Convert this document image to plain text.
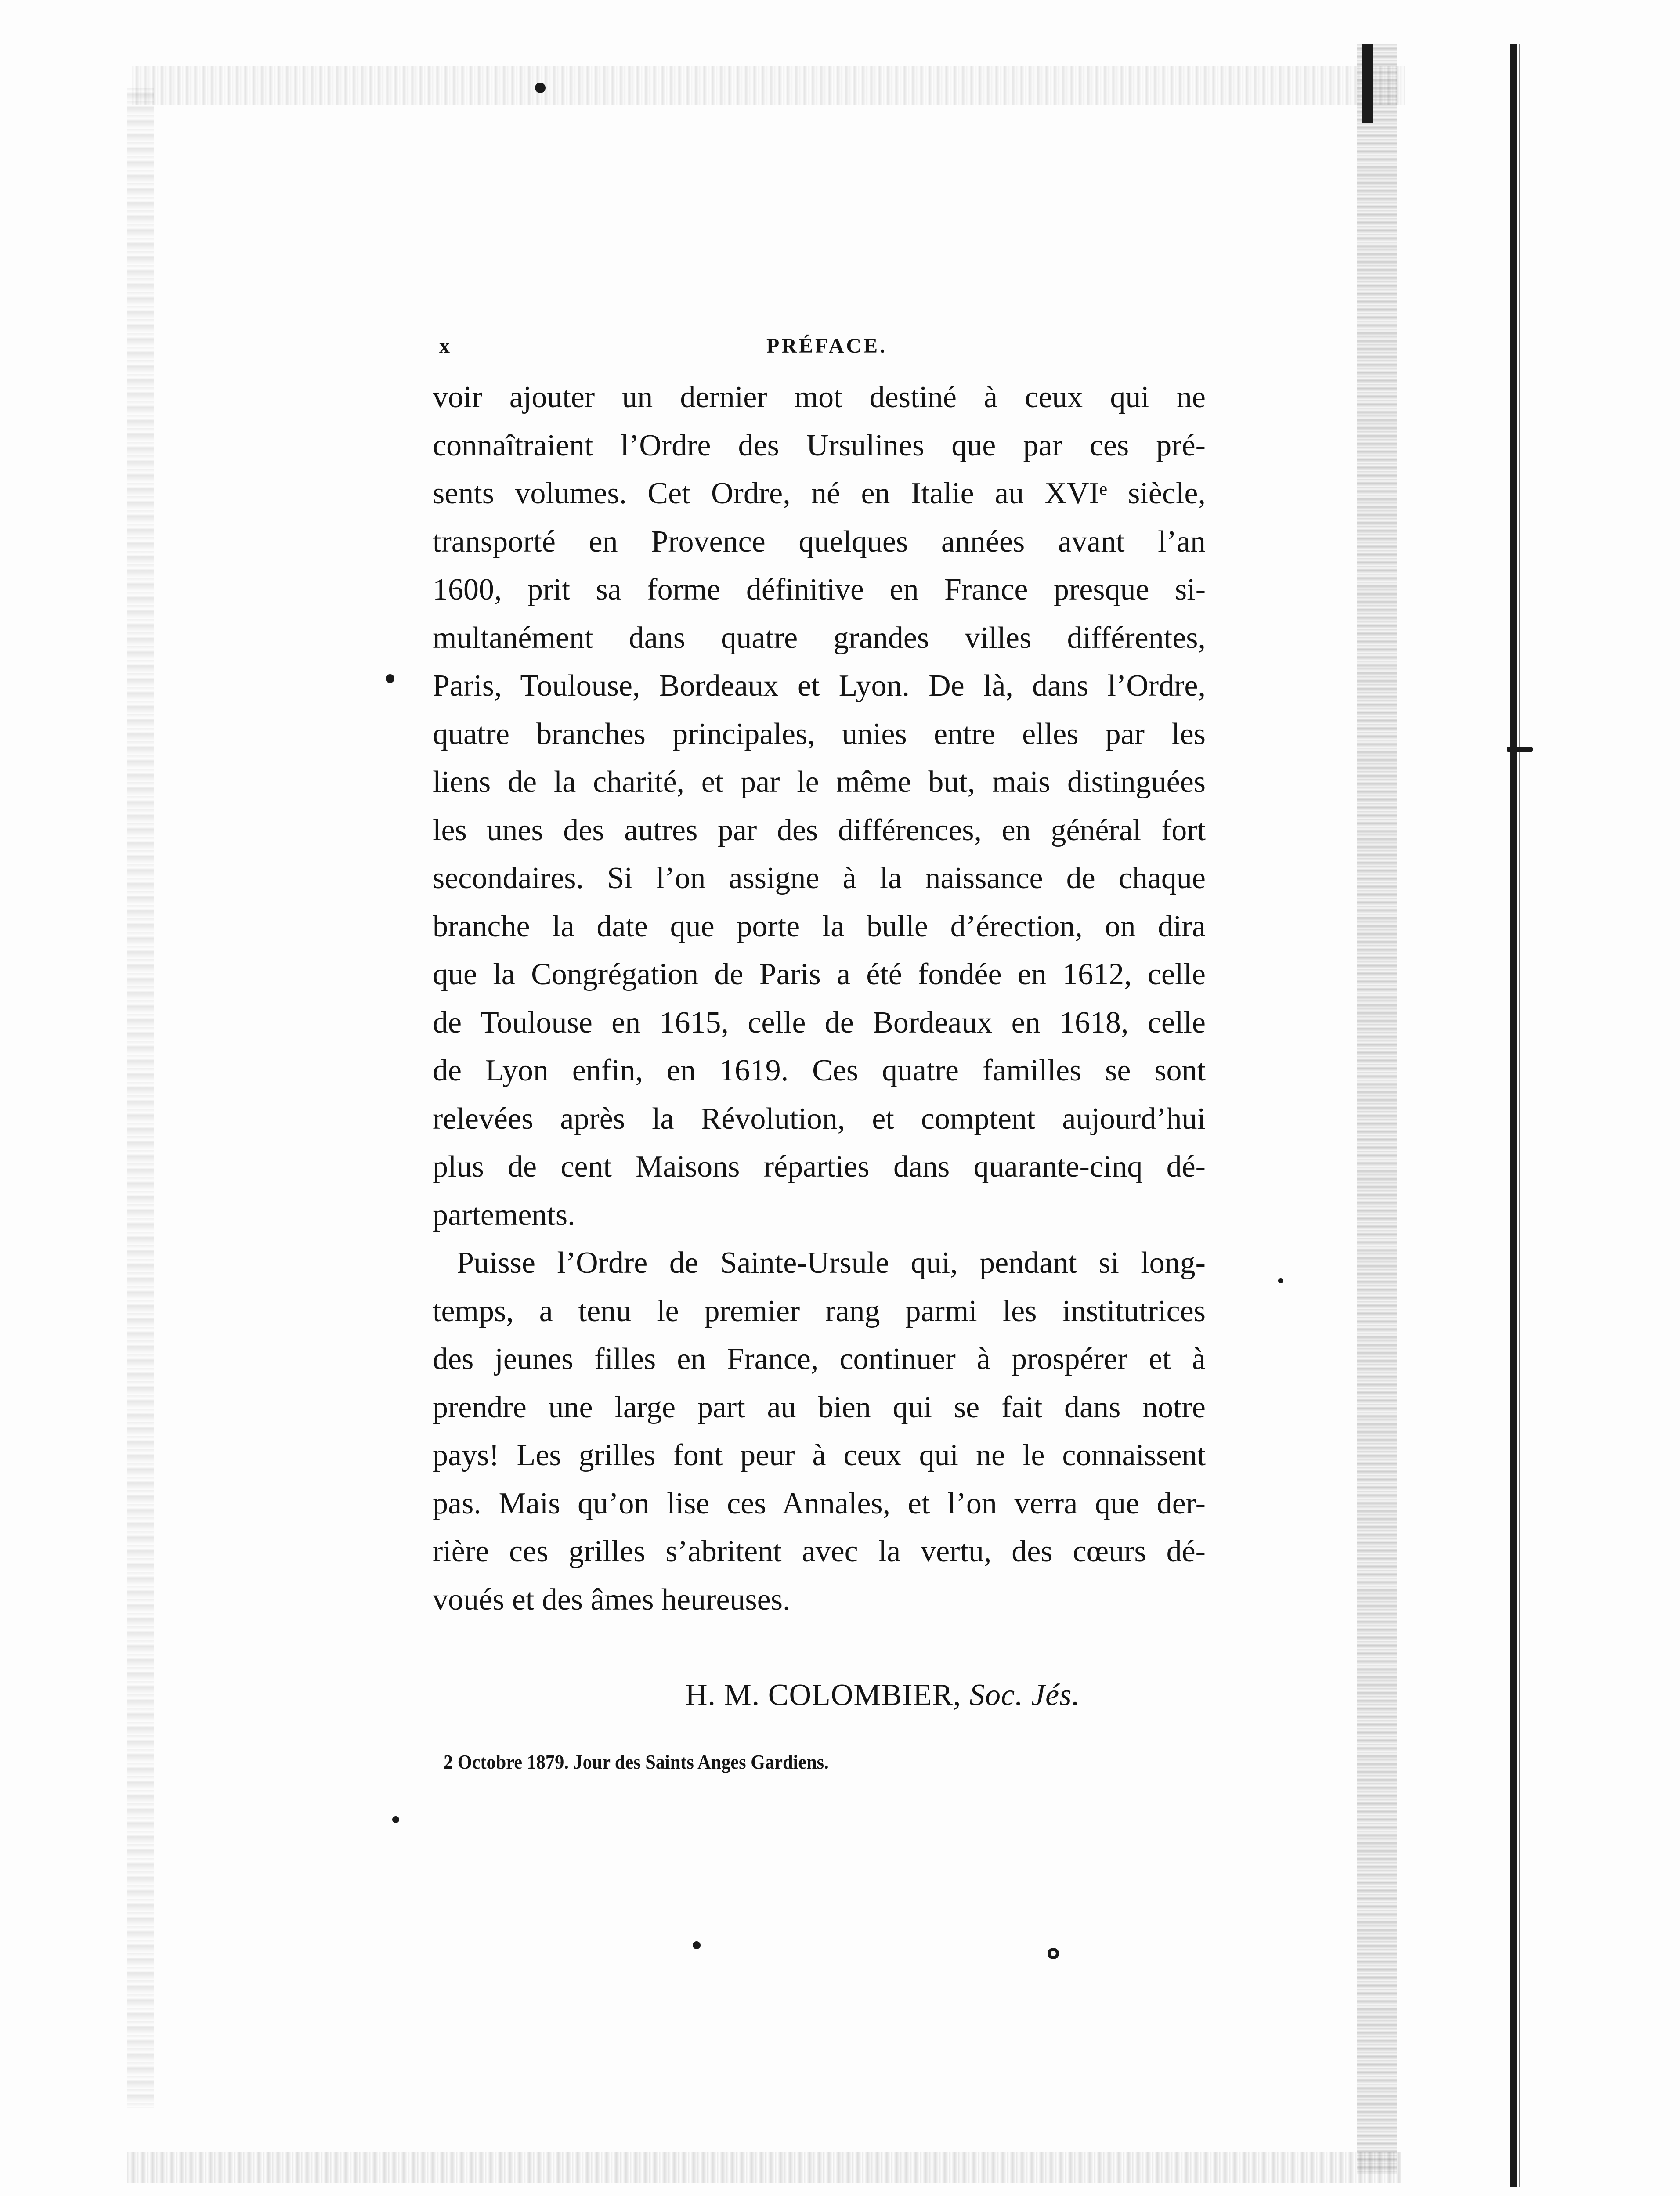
x	PRÉFACE.
voir ajouter un dernier mot destiné à ceux qui ne
connaîtraient l’Ordre des Ursulines que par ces pré-
sents volumes. Cet Ordre, né en Italie au XVIᵉ siècle,
transporté en Provence quelques années avant l’an
1600, prit sa forme définitive en France presque si-
multanément dans quatre grandes villes différentes,
Paris, Toulouse, Bordeaux et Lyon. De là, dans l’Ordre,
quatre branches principales, unies entre elles par les
liens de la charité, et par le même but, mais distinguées
les unes des autres par des différences, en général fort
secondaires. Si l’on assigne à la naissance de chaque
branche la date que porte la bulle d’érection, on dira
que la Congrégation de Paris a été fondée en 1612, celle
de Toulouse en 1615, celle de Bordeaux en 1618, celle
de Lyon enfin, en 1619. Ces quatre familles se sont
relevées après la Révolution, et comptent aujourd’hui
plus de cent Maisons réparties dans quarante-cinq dé-
partements.
Puisse l’Ordre de Sainte-Ursule qui, pendant si long-
temps, a tenu le premier rang parmi les institutrices
des jeunes filles en France, continuer à prospérer et à
prendre une large part au bien qui se fait dans notre
pays! Les grilles font peur à ceux qui ne le connaissent
pas. Mais qu’on lise ces Annales, et l’on verra que der-
rière ces grilles s’abritent avec la vertu, des cœurs dé-
voués et des âmes heureuses.
H. M. COLOMBIER, Soc. Jés.
2 Octobre 1879. Jour des Saints Anges Gardiens.
